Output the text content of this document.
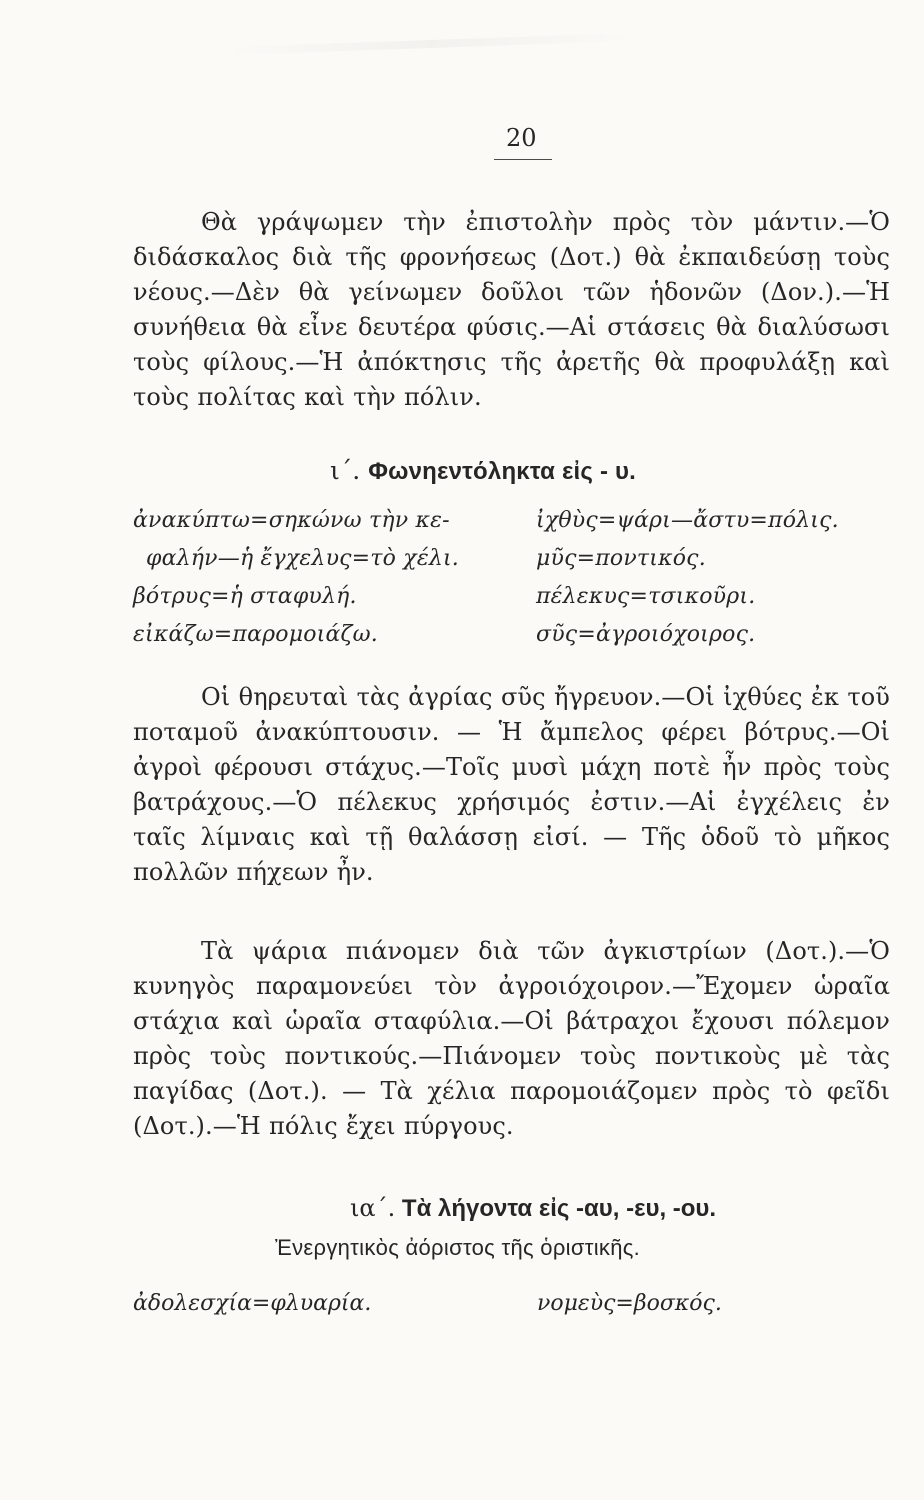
20
Θὰ γράψωμεν τὴν ἐπιστολὴν πρὸς τὸν μάντιν.—Ὁ διδάσκαλος διὰ τῆς φρονήσεως (Δοτ.) θὰ ἐκπαιδεύσῃ τοὺς νέους.—Δὲν θὰ γείνωμεν δοῦλοι τῶν ἡδονῶν (Δον.).—Ἡ συνήθεια θὰ εἶνε δευτέρα φύσις.—Αἱ στάσεις θὰ διαλύσωσι τοὺς φίλους.—Ἡ ἀπόκτησις τῆς ἀρετῆς θὰ προφυλάξῃ καὶ τοὺς πολίτας καὶ τὴν πόλιν.
ι΄. Φωνηεντόληκτα εἰς - υ.
ἀνακύπτω=σηκώνω τὴν κε-
φαλήν—ἡ ἔγχελυς=τὸ χέλι.
βότρυς=ἡ σταφυλή.
εἰκάζω=παρομοιάζω.
ἰχθὺς=ψάρι—ἄστυ=πόλις.
μῦς=ποντικός.
πέλεκυς=τσικοῦρι.
σῦς=ἀγροιόχοιρος.
Οἱ θηρευταὶ τὰς ἀγρίας σῦς ἤγρευον.—Οἱ ἰχθύες ἐκ τοῦ ποταμοῦ ἀνακύπτουσιν. — Ἡ ἄμπελος φέρει βότρυς.—Οἱ ἀγροὶ φέρουσι στάχυς.—Τοῖς μυσὶ μάχη ποτὲ ἦν πρὸς τοὺς βατράχους.—Ὁ πέλεκυς χρήσιμός ἐστιν.—Αἱ ἐγχέλεις ἐν ταῖς λίμναις καὶ τῇ θαλάσσῃ εἰσί. — Τῆς ὁδοῦ τὸ μῆκος πολλῶν πήχεων ἦν.
Τὰ ψάρια πιάνομεν διὰ τῶν ἀγκιστρίων (Δοτ.).—Ὁ κυνηγὸς παραμονεύει τὸν ἀγροιόχοιρον.—Ἔχομεν ὡραῖα στάχια καὶ ὡραῖα σταφύλια.—Οἱ βάτραχοι ἔχουσι πόλεμον πρὸς τοὺς ποντικούς.—Πιάνομεν τοὺς ποντικοὺς μὲ τὰς παγίδας (Δοτ.). — Τὰ χέλια παρομοιάζομεν πρὸς τὸ φεῖδι (Δοτ.).—Ἡ πόλις ἔχει πύργους.
ια΄. Τὰ λήγοντα εἰς -αυ, -ευ, -ου.
Ἐνεργητικὸς ἀόριστος τῆς ὁριστικῆς.
ἀδολεσχία=φλυαρία.	νομεὺς=βοσκός.
